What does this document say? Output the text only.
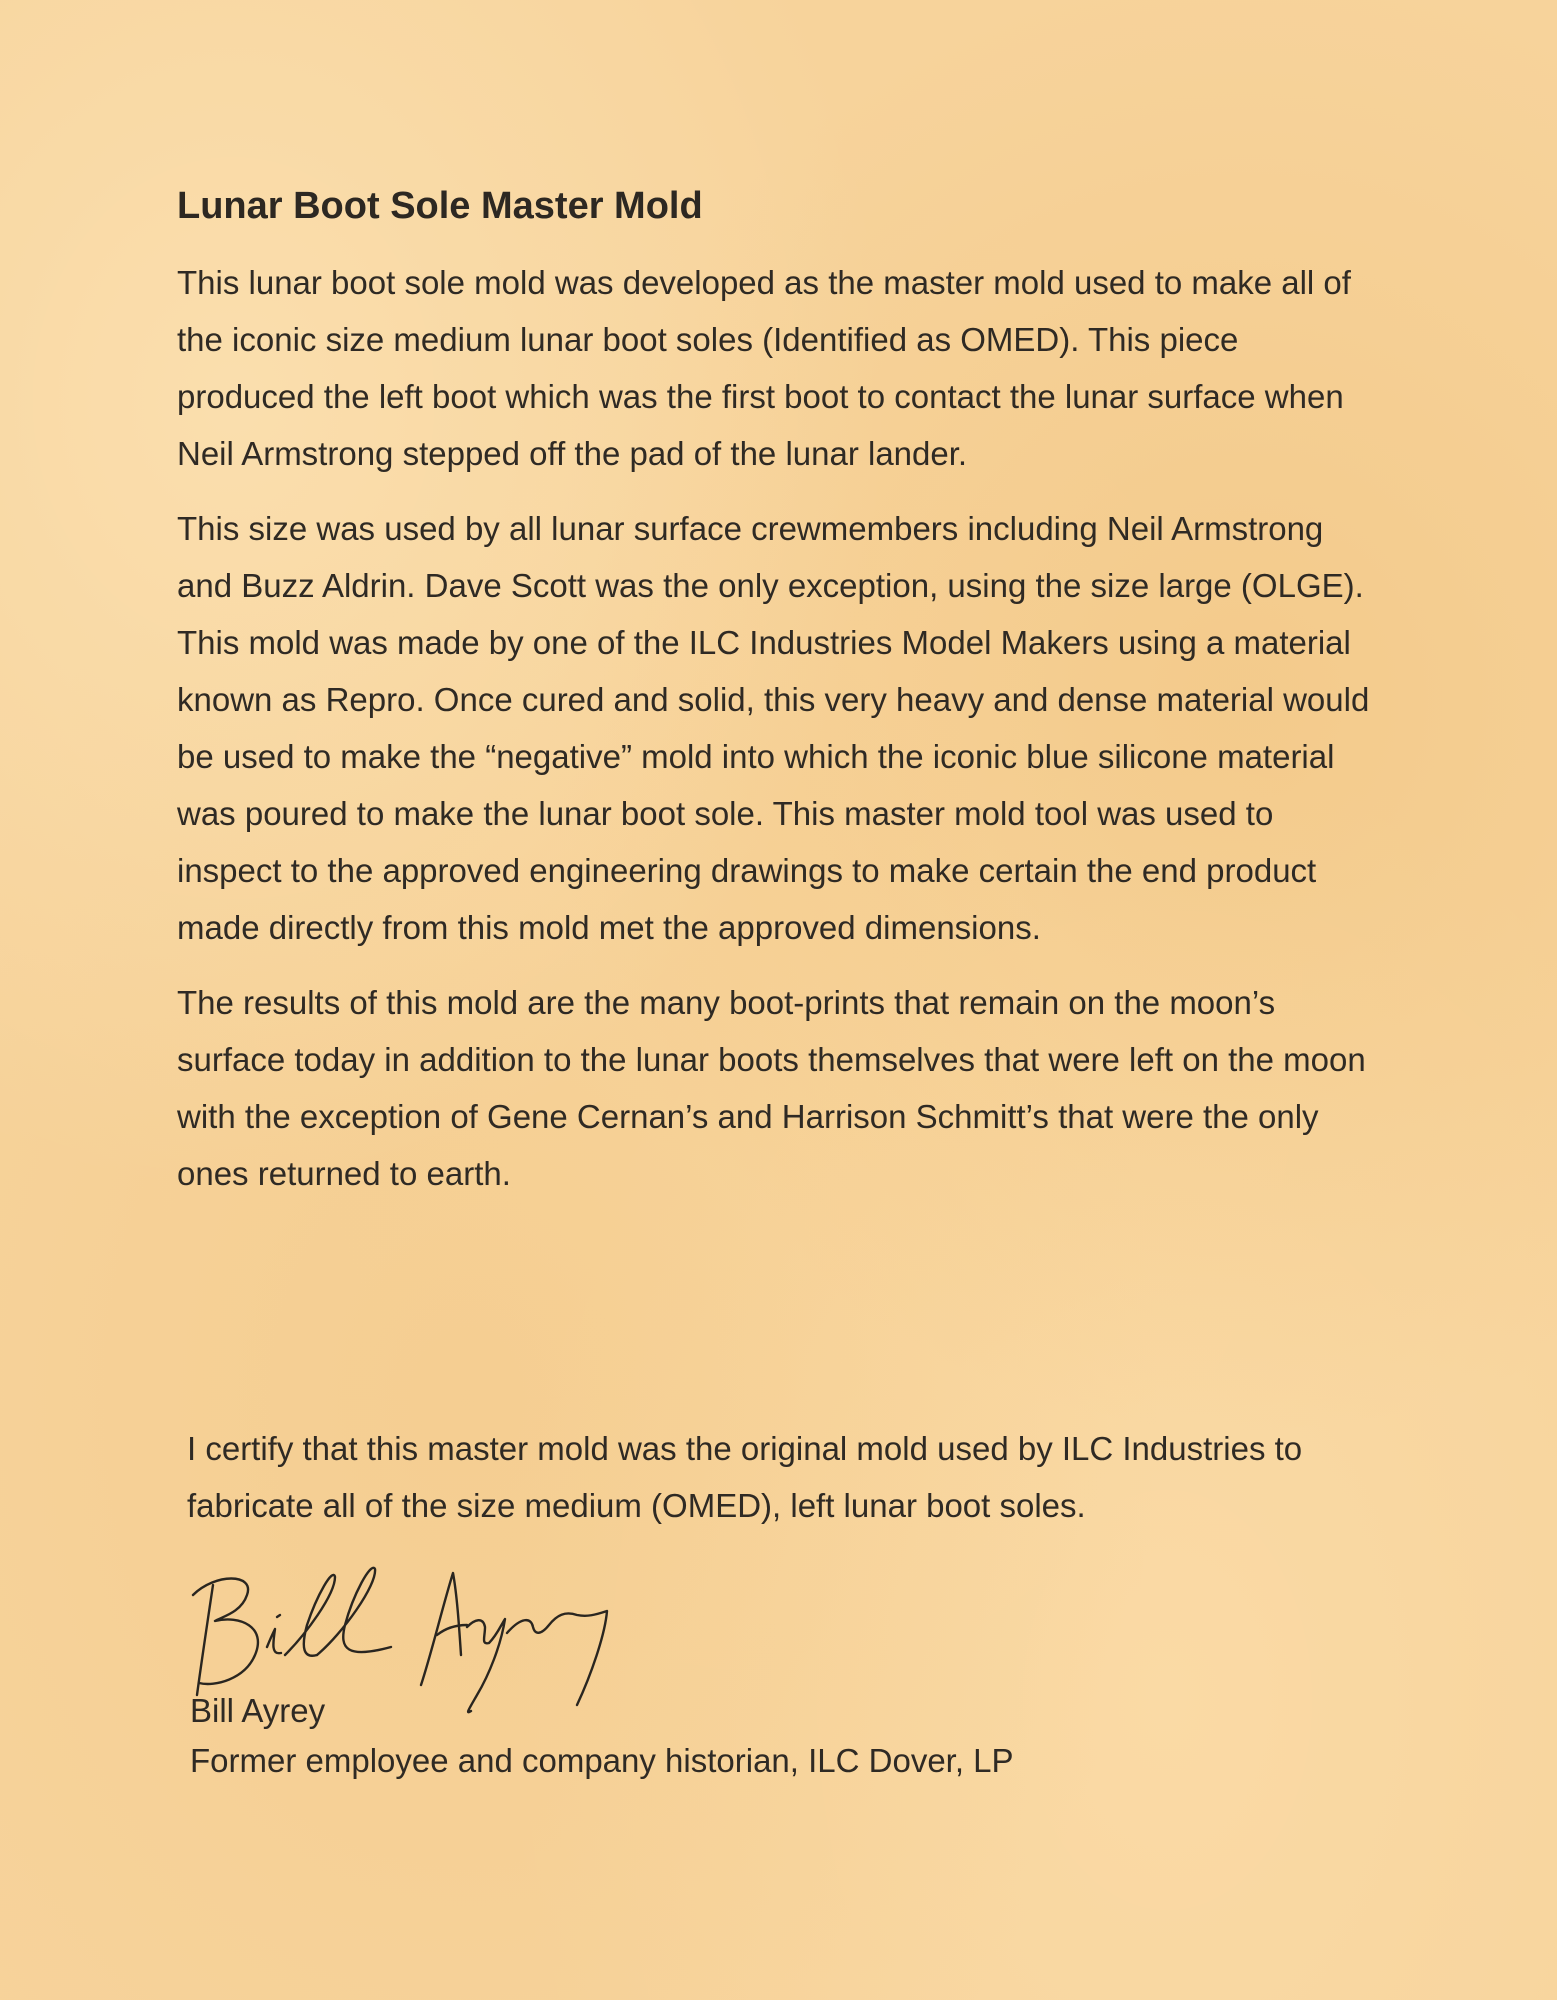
Lunar Boot Sole Master Mold

This lunar boot sole mold was developed as the master mold used to make all of the iconic size medium lunar boot soles (Identified as OMED). This piece produced the left boot which was the first boot to contact the lunar surface when Neil Armstrong stepped off the pad of the lunar lander.

This size was used by all lunar surface crewmembers including Neil Armstrong and Buzz Aldrin. Dave Scott was the only exception, using the size large (OLGE). This mold was made by one of the ILC Industries Model Makers using a material known as Repro. Once cured and solid, this very heavy and dense material would be used to make the “negative” mold into which the iconic blue silicone material was poured to make the lunar boot sole. This master mold tool was used to inspect to the approved engineering drawings to make certain the end product made directly from this mold met the approved dimensions.

The results of this mold are the many boot-prints that remain on the moon’s surface today in addition to the lunar boots themselves that were left on the moon with the exception of Gene Cernan’s and Harrison Schmitt’s that were the only ones returned to earth.

I certify that this master mold was the original mold used by ILC Industries to fabricate all of the size medium (OMED), left lunar boot soles.

Bill Ayrey

Former employee and company historian, ILC Dover, LP
